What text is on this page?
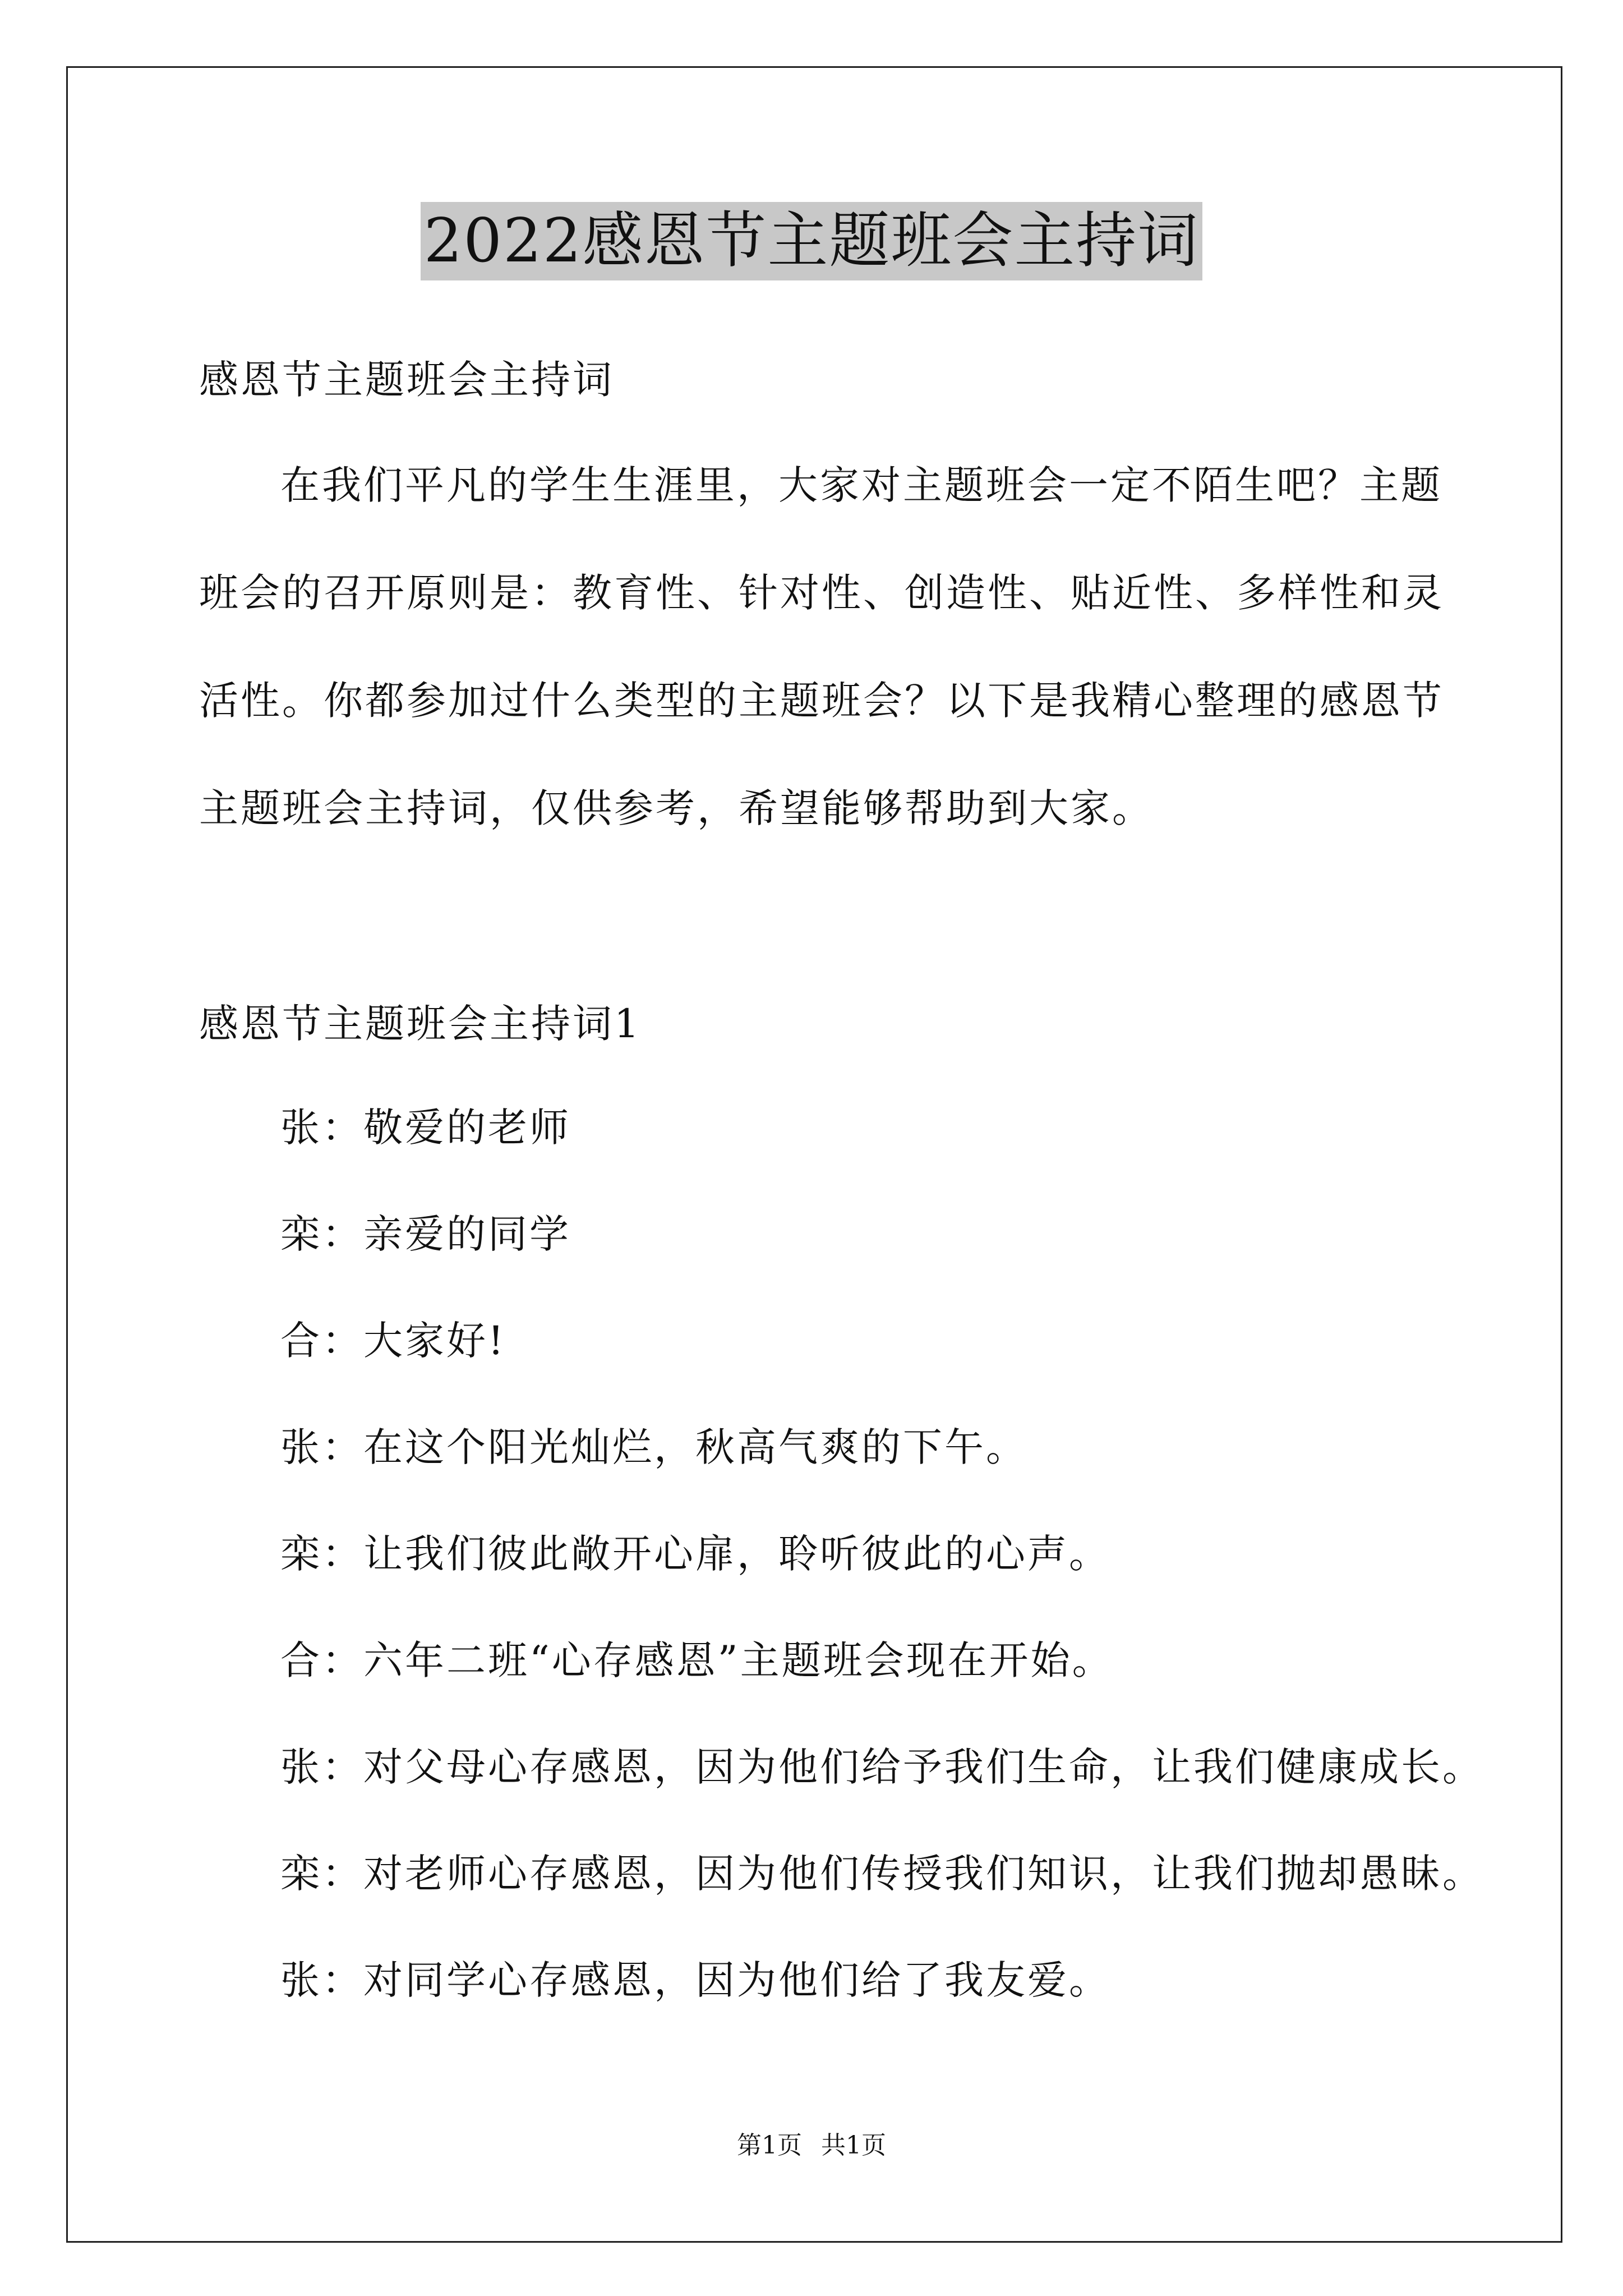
2022感恩节主题班会主持词
感恩节主题班会主持词
在我们平凡的学生生涯里，大家对主题班会一定不陌生吧？主题
班会的召开原则是：教育性、针对性、创造性、贴近性、多样性和灵
活性。你都参加过什么类型的主题班会？以下是我精心整理的感恩节
主题班会主持词，仅供参考，希望能够帮助到大家。
感恩节主题班会主持词1
张：敬爱的老师
栾：亲爱的同学
合：大家好!
张：在这个阳光灿烂，秋高气爽的下午。
栾：让我们彼此敞开心扉，聆听彼此的心声。
合：六年二班“心存感恩”主题班会现在开始。
张：对父母心存感恩，因为他们给予我们生命，让我们健康成长。
栾：对老师心存感恩，因为他们传授我们知识，让我们抛却愚昧。
张：对同学心存感恩，因为他们给了我友爱。
第1页 共1页
